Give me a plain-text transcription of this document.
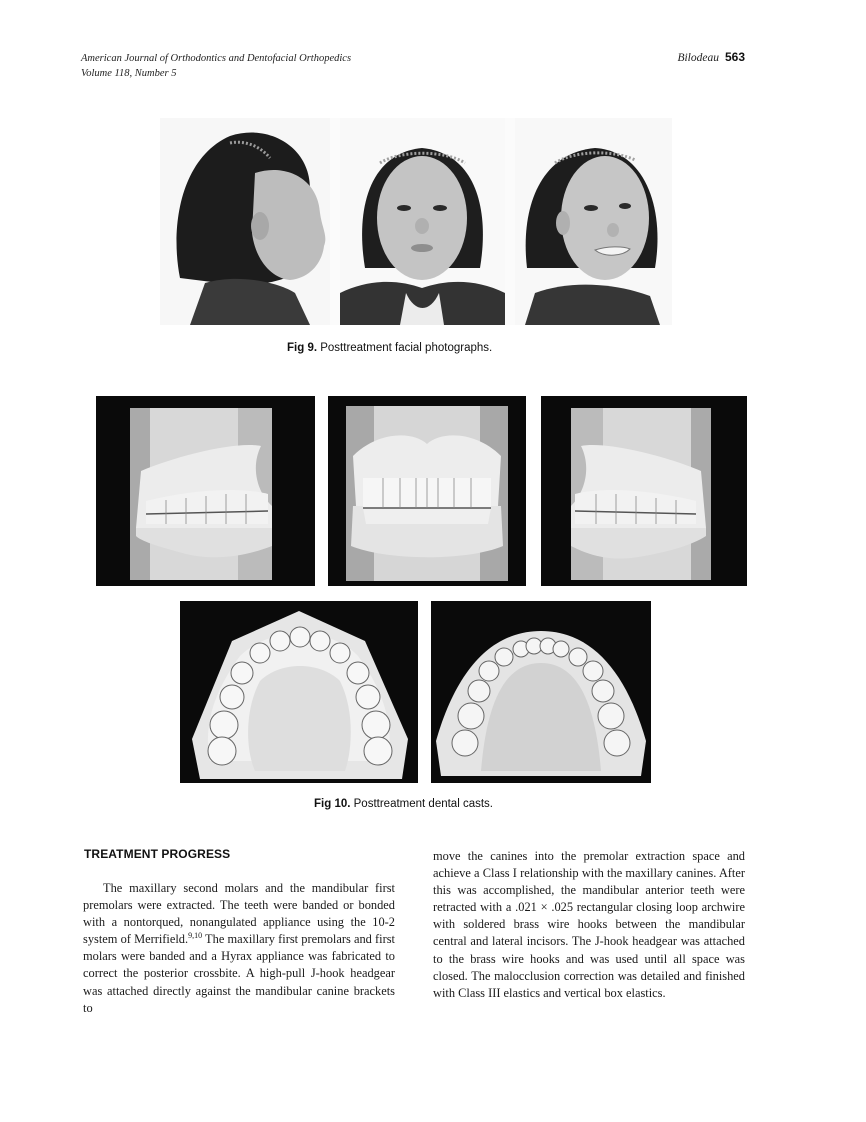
American Journal of Orthodontics and Dentofacial Orthopedics
Volume 118, Number 5
Bilodeau 563
Fig 9. Posttreatment facial photographs.
Fig 10. Posttreatment dental casts.
TREATMENT PROGRESS
The maxillary second molars and the mandibular first premolars were extracted. The teeth were banded or bonded with a nontorqued, nonangulated appliance using the 10-2 system of Merrifield.$^{9,10}$ The maxillary first premolars and first molars were banded and a Hyrax appliance was fabricated to correct the posterior crossbite. A high-pull J-hook headgear was attached directly against the mandibular canine brackets to
move the canines into the premolar extraction space and achieve a Class I relationship with the maxillary canines. After this was accomplished, the mandibular anterior teeth were retracted with a .021 × .025 rectangular closing loop archwire with soldered brass wire hooks between the mandibular central and lateral incisors. The J-hook headgear was attached to the brass wire hooks and was used until all space was closed. The malocclusion correction was detailed and finished with Class III elastics and vertical box elastics.
